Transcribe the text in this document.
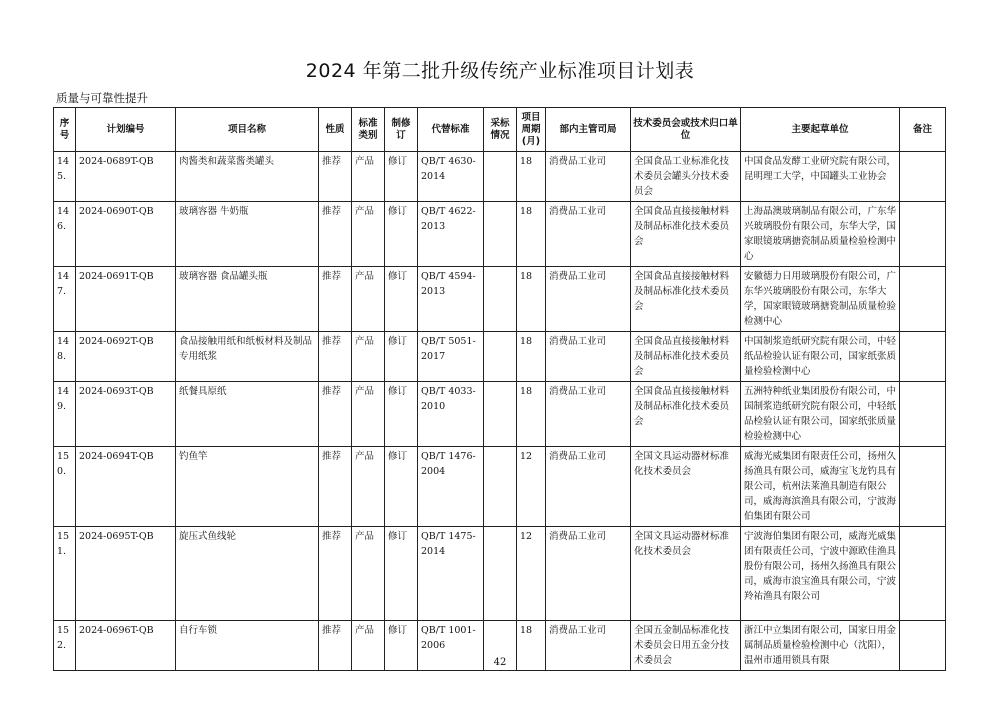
2024 年第二批升级传统产业标准项目计划表
质量与可靠性提升
序号	计划编号	项目名称	性质	标准类别	制修订	代替标准	采标情况	项目周期(月)	部内主管司局	技术委员会或技术归口单位	主要起草单位	备注
145.	2024-0689T-QB	肉酱类和蔬菜酱类罐头	推荐	产品	修订	QB/T 4630-2014		18	消费品工业司	全国食品工业标准化技术委员会罐头分技术委员会	中国食品发酵工业研究院有限公司，昆明理工大学，中国罐头工业协会	
146.	2024-0690T-QB	玻璃容器 牛奶瓶	推荐	产品	修订	QB/T 4622-2013		18	消费品工业司	全国食品直接接触材料及制品标准化技术委员会	上海晶澳玻璃制品有限公司，广东华兴玻璃股份有限公司，东华大学，国家眼镜玻璃搪瓷制品质量检验检测中心	
147.	2024-0691T-QB	玻璃容器 食品罐头瓶	推荐	产品	修订	QB/T 4594-2013		18	消费品工业司	全国食品直接接触材料及制品标准化技术委员会	安徽德力日用玻璃股份有限公司，广东华兴玻璃股份有限公司，东华大学，国家眼镜玻璃搪瓷制品质量检验检测中心	
148.	2024-0692T-QB	食品接触用纸和纸板材料及制品专用纸浆	推荐	产品	修订	QB/T 5051-2017		18	消费品工业司	全国食品直接接触材料及制品标准化技术委员会	中国制浆造纸研究院有限公司，中轻纸品检验认证有限公司，国家纸张质量检验检测中心	
149.	2024-0693T-QB	纸餐具原纸	推荐	产品	修订	QB/T 4033-2010		18	消费品工业司	全国食品直接接触材料及制品标准化技术委员会	五洲特种纸业集团股份有限公司，中国制浆造纸研究院有限公司，中轻纸品检验认证有限公司，国家纸张质量检验检测中心	
150.	2024-0694T-QB	钓鱼竿	推荐	产品	修订	QB/T 1476-2004		12	消费品工业司	全国文具运动器材标准化技术委员会	威海光威集团有限责任公司，扬州久扬渔具有限公司，威海宝飞龙钓具有限公司，杭州法莱渔具制造有限公司，威海海滨渔具有限公司，宁波海伯集团有限公司	
151.	2024-0695T-QB	旋压式鱼线轮	推荐	产品	修订	QB/T 1475-2014		12	消费品工业司	全国文具运动器材标准化技术委员会	宁波海伯集团有限公司，威海光威集团有限责任公司，宁波中源欧佳渔具股份有限公司，扬州久扬渔具有限公司，威海市浪宝渔具有限公司，宁波羚祐渔具有限公司	
152.	2024-0696T-QB	自行车锁	推荐	产品	修订	QB/T 1001-2006		18	消费品工业司	全国五金制品标准化技术委员会日用五金分技术委员会	浙江中立集团有限公司，国家日用金属制品质量检验检测中心（沈阳），温州市通用锁具有限	
42
